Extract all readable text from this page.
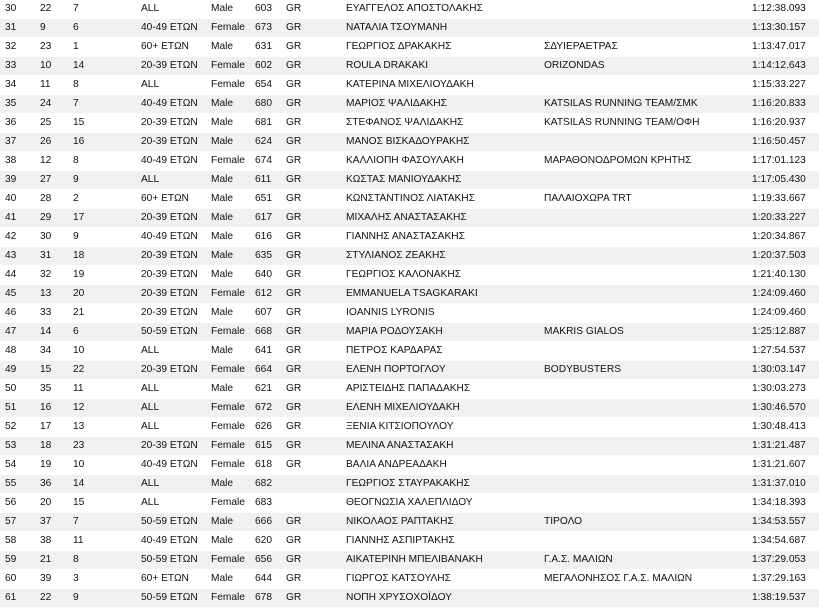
30	22	7	ALL	Male	603	GR	ΕΥΑΓΓΕΛΟΣ ΑΠΟΣΤΟΛΑΚΗΣ		1:12:38.093
31	9	6	40-49 ΕΤΩΝ	Female	673	GR	ΝΑΤΑΛΙΑ ΤΣΟΥΜΑΝΗ		1:13:30.157
32	23	1	60+ ΕΤΩΝ	Male	631	GR	ΓΕΩΡΓΙΟΣ ΔΡΑΚΑΚΗΣ	ΣΔΥΙΕΡΑΕΤΡΑΣ	1:13:47.017
33	10	14	20-39 ΕΤΩΝ	Female	602	GR	ROULA DRAKAKI	ORIZONDAS	1:14:12.643
34	11	8	ALL	Female	654	GR	ΚΑΤΕΡΙΝΑ ΜΙΧΕΛΙΟΥΔΑΚΗ		1:15:33.227
35	24	7	40-49 ΕΤΩΝ	Male	680	GR	ΜΑΡΙΟΣ ΨΑΛΙΔΑΚΗΣ	KATSILAS RUNNING TEAM/ΣΜΚ	1:16:20.833
36	25	15	20-39 ΕΤΩΝ	Male	681	GR	ΣΤΕΦΑΝΟΣ ΨΑΛΙΔΑΚΗΣ	KATSILAS RUNNING TEAM/ΟΦΗ	1:16:20.937
37	26	16	20-39 ΕΤΩΝ	Male	624	GR	ΜΑΝΟΣ ΒΙΣΚΑΔΟΥΡΑΚΗΣ		1:16:50.457
38	12	8	40-49 ΕΤΩΝ	Female	674	GR	ΚΑΛΛΙΟΠΗ ΦΑΣΟΥΛΑΚΗ	ΜΑΡΑΘΟΝΟΔΡΟΜΩΝ ΚΡΗΤΗΣ	1:17:01.123
39	27	9	ALL	Male	611	GR	ΚΩΣΤΑΣ ΜΑΝΙΟΥΔΑΚΗΣ		1:17:05.430
40	28	2	60+ ΕΤΩΝ	Male	651	GR	ΚΩΝΣΤΑΝΤΙΝΟΣ ΛΙΑΤΑΚΗΣ	ΠΑΛΑΙΟΧΩΡΑ TRT	1:19:33.667
41	29	17	20-39 ΕΤΩΝ	Male	617	GR	ΜΙΧΑΛΗΣ ΑΝΑΣΤΑΣΑΚΗΣ		1:20:33.227
42	30	9	40-49 ΕΤΩΝ	Male	616	GR	ΓΙΑΝΝΗΣ ΑΝΑΣΤΑΣΑΚΗΣ		1:20:34.867
43	31	18	20-39 ΕΤΩΝ	Male	635	GR	ΣΤΥΛΙΑΝΟΣ ΖΕΑΚΗΣ		1:20:37.503
44	32	19	20-39 ΕΤΩΝ	Male	640	GR	ΓΕΩΡΓΙΟΣ ΚΑΛΟΝΑΚΗΣ		1:21:40.130
45	13	20	20-39 ΕΤΩΝ	Female	612	GR	EMMANUELA TSAGKARAKI		1:24:09.460
46	33	21	20-39 ΕΤΩΝ	Male	607	GR	IOANNIS LYRONIS		1:24:09.460
47	14	6	50-59 ΕΤΩΝ	Female	668	GR	ΜΑΡΙΑ ΡΟΔΟΥΣΑΚΗ	MAKRIS GIALOS	1:25:12.887
48	34	10	ALL	Male	641	GR	ΠΕΤΡΟΣ ΚΑΡΔΑΡΑΣ		1:27:54.537
49	15	22	20-39 ΕΤΩΝ	Female	664	GR	ΕΛΕΝΗ ΠΟΡΤΟΓΛΟΥ	BODYBUSTERS	1:30:03.147
50	35	11	ALL	Male	621	GR	ΑΡΙΣΤΕΙΔΗΣ ΠΑΠΑΔΑΚΗΣ		1:30:03.273
51	16	12	ALL	Female	672	GR	ΕΛΕΝΗ ΜΙΧΕΛΙΟΥΔΑΚΗ		1:30:46.570
52	17	13	ALL	Female	626	GR	ΞΕΝΙΑ ΚΙΤΣΙΟΠΟΥΛΟΥ		1:30:48.413
53	18	23	20-39 ΕΤΩΝ	Female	615	GR	ΜΕΛΙΝΑ ΑΝΑΣΤΑΣΑΚΗ		1:31:21.487
54	19	10	40-49 ΕΤΩΝ	Female	618	GR	ΒΑΛΙΑ ΑΝΔΡΕΑΔΑΚΗ		1:31:21.607
55	36	14	ALL	Male	682		ΓΕΩΡΓΙΟΣ ΣΤΑΥΡΑΚΑΚΗΣ		1:31:37.010
56	20	15	ALL	Female	683		ΘΕΟΓΝΩΣΙΑ ΧΑΛΕΠΛΙΔΟΥ		1:34:18.393
57	37	7	50-59 ΕΤΩΝ	Male	666	GR	ΝΙΚΟΛΑΟΣ ΡΑΠΤΑΚΗΣ	ΤΙΡΟΛΟ	1:34:53.557
58	38	11	40-49 ΕΤΩΝ	Male	620	GR	ΓΙΑΝΝΗΣ ΑΣΠΙΡΤΑΚΗΣ		1:34:54.687
59	21	8	50-59 ΕΤΩΝ	Female	656	GR	ΑΙΚΑΤΕΡΙΝΗ ΜΠΕΛΙΒΑΝΑΚΗ	Γ.Α.Σ. ΜΑΛΙΩΝ	1:37:29.053
60	39	3	60+ ΕΤΩΝ	Male	644	GR	ΓΙΩΡΓΟΣ ΚΑΤΣΟΥΛΗΣ	ΜΕΓΑΛΟΝΗΣΟΣ Γ.Α.Σ. ΜΑΛΙΩΝ	1:37:29.163
61	22	9	50-59 ΕΤΩΝ	Female	678	GR	ΝΟΠΗ ΧΡΥΣΟΧΟΪΔΟΥ		1:38:19.537
